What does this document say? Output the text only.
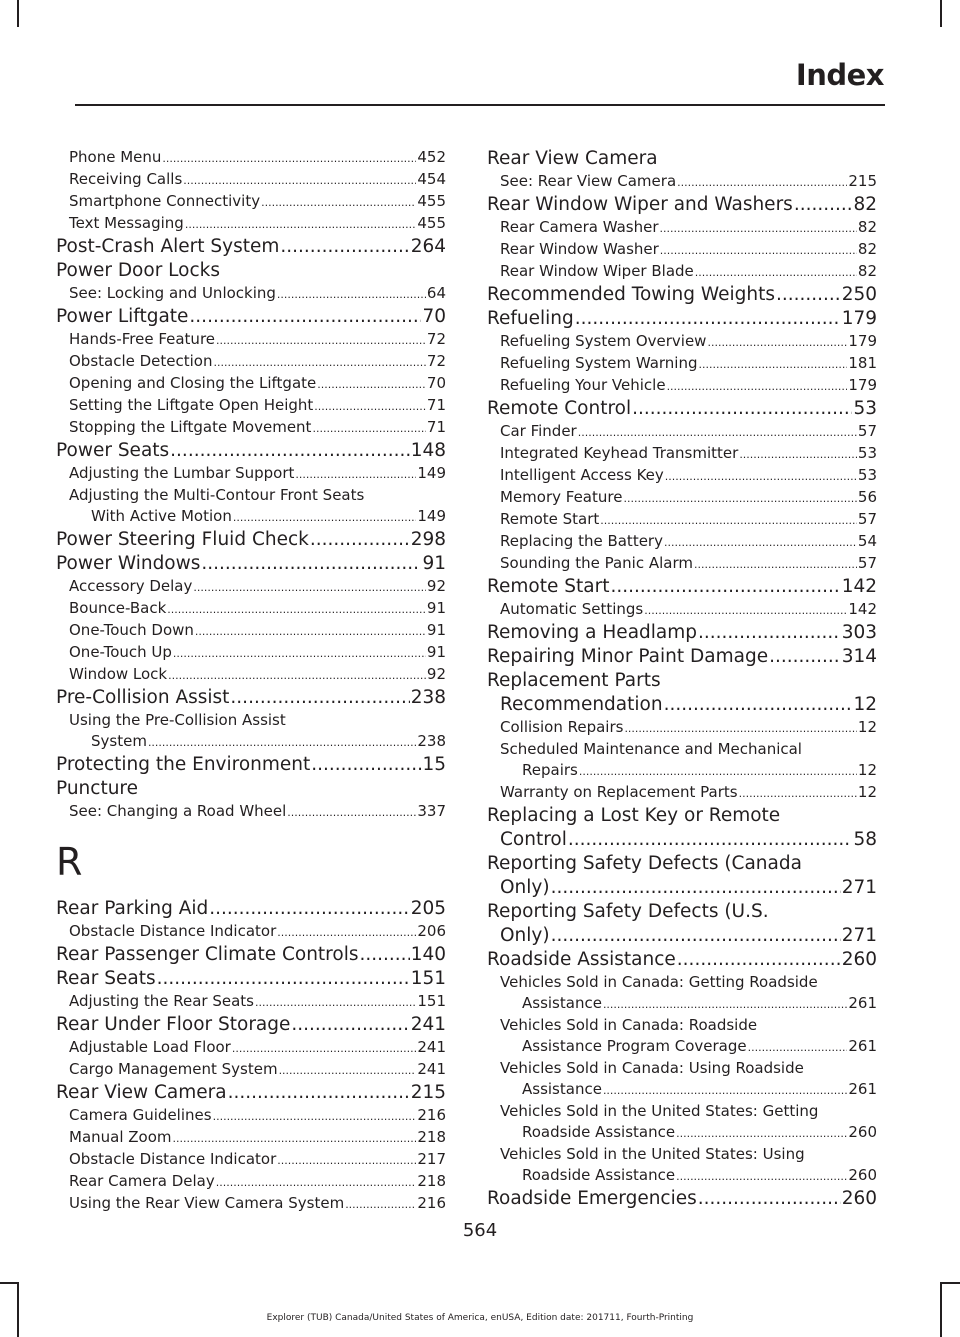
Index
Phone Menu .....	452
Receiving Calls .....	454
Smartphone Connectivity .....	455
Text Messaging .....	455
Post-Crash Alert System .....	264
Power Door Locks
See: Locking and Unlocking .....	64
Power Liftgate .....	70
Hands-Free Feature .....	72
Obstacle Detection .....	72
Opening and Closing the Liftgate .....	70
Setting the Liftgate Open Height .....	71
Stopping the Liftgate Movement .....	71
Power Seats .....	148
Adjusting the Lumbar Support .....	149
Adjusting the Multi-Contour Front Seats
With Active Motion .....	149
Power Steering Fluid Check .....	298
Power Windows .....	91
Accessory Delay .....	92
Bounce-Back .....	91
One-Touch Down .....	91
One-Touch Up .....	91
Window Lock .....	92
Pre-Collision Assist .....	238
Using the Pre-Collision Assist
System .....	238
Protecting the Environment .....	15
Puncture
See: Changing a Road Wheel .....	337
R
Rear Parking Aid .....	205
Obstacle Distance Indicator .....	206
Rear Passenger Climate Controls .....	140
Rear Seats .....	151
Adjusting the Rear Seats .....	151
Rear Under Floor Storage .....	241
Adjustable Load Floor .....	241
Cargo Management System .....	241
Rear View Camera .....	215
Camera Guidelines .....	216
Manual Zoom .....	218
Obstacle Distance Indicator .....	217
Rear Camera Delay .....	218
Using the Rear View Camera System .....	216
Rear View Camera
See: Rear View Camera .....	215
Rear Window Wiper and Washers .....	82
Rear Camera Washer .....	82
Rear Window Washer .....	82
Rear Window Wiper Blade .....	82
Recommended Towing Weights .....	250
Refueling .....	179
Refueling System Overview .....	179
Refueling System Warning .....	181
Refueling Your Vehicle .....	179
Remote Control .....	53
Car Finder .....	57
Integrated Keyhead Transmitter .....	53
Intelligent Access Key .....	53
Memory Feature .....	56
Remote Start .....	57
Replacing the Battery .....	54
Sounding the Panic Alarm .....	57
Remote Start .....	142
Automatic Settings .....	142
Removing a Headlamp .....	303
Repairing Minor Paint Damage .....	314
Replacement Parts
Recommendation .....	12
Collision Repairs .....	12
Scheduled Maintenance and Mechanical
Repairs .....	12
Warranty on Replacement Parts .....	12
Replacing a Lost Key or Remote
Control .....	58
Reporting Safety Defects (Canada
Only) .....	271
Reporting Safety Defects (U.S.
Only) .....	271
Roadside Assistance .....	260
Vehicles Sold in Canada: Getting Roadside
Assistance .....	261
Vehicles Sold in Canada: Roadside
Assistance Program Coverage .....	261
Vehicles Sold in Canada: Using Roadside
Assistance .....	261
Vehicles Sold in the United States: Getting
Roadside Assistance .....	260
Vehicles Sold in the United States: Using
Roadside Assistance .....	260
Roadside Emergencies .....	260
564
Explorer (TUB) Canada/United States of America, enUSA, Edition date: 201711, Fourth-Printing
